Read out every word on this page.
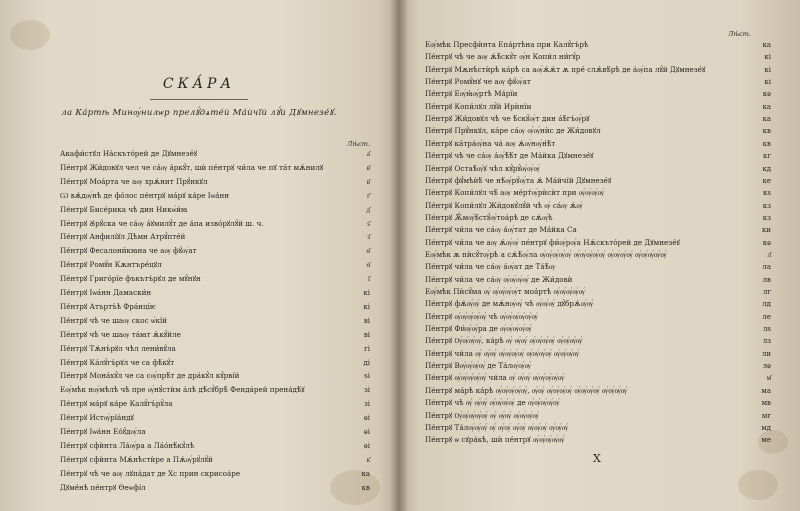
СКА́РА
ла Ка́ртѣ Минѹ́нилѡр прелꙋ́дѧте́й Ма́йчїй лꙋ́й Дꙋмнезе́ꙋ.
Лѣ́ст.
Акафи́стꙋл На́скъто́рей де Дꙋмнезе́ꙋ	а҃
Пе́нтрꙋ Жи́довꙋл чел че са́ѹ а́ркꙋ́т, шѝ пе́нтрꙋ чи́ла че пꙋ та́т мѫ́нилꙋ	в҃
Пе́нтрꙋ Моа́рта че аѹ хрѫ́нит Прꙋ́нкꙋл	в҃
Ѡ вѫ́дѹ́нѣ де фо́лос пе́нтрꙋ ма́рꙋ ка́ре Іѡа́нн	г҃
Пе́нтрꙋ Бисе́рика чѣ дин Никѡ́и́ꙗ	д҃
Пе́нтрꙋ Ꙋ́рꙋ́ска че са́ѹ а́ꙋмилꙋ́т де а́па изво́рꙋлꙋ́й ш. ч.	ѕ҃
Пе́нтрꙋ Анфилі́ꙋл Дѣмн Атрꙋ́пте́й	з҃
Пе́нтрꙋ Фесалони́кꙗна че аѹ фꙋ́ѹ́ат	ѳ҃
Пе́нтрꙋ Ромꙋ́н Кѫнтъре́цꙋл	ѳ҃
Пе́нтрꙋ Григо́рїе фъкътъ́рꙋл де мꙋ́нꙋн	і҃
Пе́нтрꙋ Іѡа́нн Дамаски́н	кі
Пе́нтрꙋ Атъртъ́ѣ Фра́нці́ѥ	кі
Пе́нтрꙋ чѣ че шаѹ скос ѡ́кїй	ві
Пе́нтрꙋ чѣ че шаѹ та́ꙗт ѫ́кꙋ́йле	ві
Пе́нтрꙋ Тѫ́нъ́рꙋл чѣл лени́вꙋ́ла	гі
Пе́нтрꙋ Ка́лꙋ́гъ́рꙋл че са фѣ́кꙋ́т	ді
Пе́нтрꙋ Мона́хꙋ́л че са сѹ́прѣ́т де дра́кꙋ́л кꙋ́рві́й	ѕі
Еѹ́мѣк нѹ́мѣлѣ чѣ пре ѹ́нꙋ́стѝм а́лѣ дѣ́сꙋ́брѣ́ Фенда́рей прена́дѣ́ꙋ	зі
Пе́нтрꙋ ма́рꙋ ка́ре Калꙋ́гъ́рꙋ́ла	зі
Пе́нтрꙋ Истѹ́рїа́ндꙋ	ѳі
Пе́нтрꙋ Іѡа́нн Ео́ꙋ́дѹ́ла	ѳі
Пе́нтрꙋ сфѝнта Ла́ѹ́ра а Ла́о́нѣ́кꙋ́лѣ	ѳі
Пе́нтрꙋ сфѝнта Мѫ́нѣстѝре а Пѫ́ѹ́рꙋ́лꙋ́й	к҃
Пе́нтрꙋ чѣ че аѹ лꙋпа́дат де Хс прин скрисоа́ре	ка
Дꙋме́нѣ пе́нтрꙋ Ѳеѡфі́л	кв
Лѣ́ст.
Еѹ́мѣк Пресфѝнта Епа́ртѣна при Калꙋ́гъ́рѣ	ка
Пе́нтрꙋ чѣ че аѹ ѫ́ѣ́скꙋ́т ѹ́н Копи́л ни́гꙋ́р	кі
Пе́нтрꙋ Мѫнѣстѝрѣ ка́рѣ са аѹ́ѫ́ѫ́т ѫ пре́ слѫ́вѣ́рѣ де а́ѹ́па лꙋ́й Дꙋмнезе́ꙋ	кі
Пе́нтрꙋ Ромꙋ́нꙋ че аѹ фꙋ́ѹ́ат	кі
Пе́нтрꙋ Еѹ́ꙗ́ѹ́ртѣ Ма́рїи	кѳ
Пе́нтрꙋ Копи́лꙋл лꙋ́й Ирѝнїи	ка
Пе́нтрꙋ Жи́довꙋл чѣ че ѣ́скꙋ́ѹ́т дин а́ѣ́гъ́ѹ́рꙋ	ка
Пе́нтрꙋ Прꙋ́нкꙋл, ка́ре са́ѹ ѹ́ѹ́нѝс де Жи́довꙋл	кв
Пе́нтрꙋ ка́тра́ѹ́на ча́ аѹ ѫ́ѹ́нѹ́н́ѣ́т	кв
Пе́нтрꙋ чѣ че са́ѹ а́ѹ́ѣ́ѣ́т де Ма́йка Дꙋмнезе́ꙋ	кг
Пе́нтрꙋ Остаѣ́ѹ́ꙋ чѣл кꙋ́рꙋ́ѹ́ѹ́ѹ́	кд
Пе́нтрꙋ фꙋ́мѣѝѣ́ че нѣ́ѹ́рꙋ́ѹ́та ѫ́ Ма́йчїй Дꙋмнезе́ꙋ	ке
Пе́нтрꙋ Копи́лꙋл чѣ́ аѹ ме́рт́ѹ́рѝсѝт при ѹ́ѹ́ѹ́ѹ́	кѕ
Пе́нтрꙋ Копи́лꙋл Жи́довꙋ́лꙋ́й чѣ ѹ́ са́ѹ ѫ́ѹ́	кз
Пе́нтрꙋ Ѫ́мѹ́ѣ́стꙋ́ѹ́тоа́рѣ де сѫ́ѹ́ѣ	кз
Пе́нтрꙋ чи́ла че са́ѹ а́ѹ́тат де Ма́йка Са	ки
Пе́нтрꙋ чи́ла че аѹ ѫ́ѹ́ѹ́ пе́нтрꙋ фи́ѹ́рѹ́а Нѫ́скъто́рей де Дꙋмнезе́ꙋ	кѳ
Еѹ́мѣк ѫ пѝсꙋ́тѹ́рѣ а сѫ́ѣ́ѹ́ла ѹ́ѹ́ѹ́ѹ́ѹ́ ѹ́ѹ́ѹ́ѹ́ѹ́ ѹ́ѹ́ѹ́ѹ́ ѹ́ѹ́ѹ́ѹ́ѹ́	л҃
Пе́нтрꙋ чи́ла че са́ѹ а́ѹ́ат де Та́ѣ́ѹ	ла
Пе́нтрꙋ чи́ла че са́ѹ ѹ́ѹ́ѹ́ѹ́ де Жи́довѝ	лв
Еѹ́мѣк Пѝсꙋ́ма ѹ́ ѹ́ѹ́ѹ́ѹ́т моа́ртѣ ѹ́ѹ́ѹ́ѹ́ѹ́	лг
Пе́нтрꙋ фѫ́ѹ́ѹ́ де мѫ́нѹ́ѹ́ чѣ ѹ́ѹ́ѹ́ дꙋ́брѫ́ѹ́ѹ́	лд
Пе́нтрꙋ ѹ́ѹ́ѹ́ѹ́ѹ́ чѣ ѹ́ѹ́ѹ́ѹ́ѹ́ѹ́	ле
Пе́нтрꙋ Фи́ѹ́ѹ́ра де ѹ́ѹ́ѹ́ѹ́ѹ́	лѕ
Пе́нтрꙋ Ѹ́ѹ́ѹ́ѹ́, ка́рѣ ѹ́ ѹ́ѹ́ ѹ́ѹ́ѹ́ѹ́ ѹ́ѹ́ѹ́ѹ́	лз
Пе́нтрꙋ чи́ла ѹ́ ѹ́ѹ́ ѹ́ѹ́ѹ́ѹ́ ѹ́ѹ́ѹ́ѹ́ ѹ́ѹ́ѹ́ѹ́	ли
Пе́нтрꙋ Вѹ́ѹ́ѹ́ѹ́ де Та́лѹ́ѹ́ѹ́	лѳ
Пе́нтрꙋ ѹ́ѹ́ѹ́ѹ́ѹ́ чи́ла ѹ́ ѹ́ѹ́ ѹ́ѹ́ѹ́ѹ́ѹ́	м҃
Пе́нтрꙋ ма́рѣ ка́рѣ ѹ́ѹ́ѹ́ѹ́ѹ́, ѹ́ѹ́ ѹ́ѹ́ѹ́ѹ́ ѹ́ѹ́ѹ́ѹ́ ѹ́ѹ́ѹ́ѹ́	ма
Пе́нтрꙋ чѣ ѹ́ ѹ́ѹ́ ѹ́ѹ́ѹ́ѹ́ де ѹ́ѹ́ѹ́ѹ́ѹ́	мв
Пе́нтрꙋ Ѹ́ѹ́ѹ́ѹ́ѹ́ ѹ́ ѹ́ѹ́ ѹ́ѹ́ѹ́ѹ́	мг
Пе́нтрꙋ Та́лѹ́ѹ́ѹ́ ѹ́ ѹ́ѹ́ ѹ́ѹ́ ѹ́ѹ́ѹ́ ѹ́ѹ́ѹ́	мд
Пе́нтрꙋ ѡ сꙋра́кѣ, шѝ пе́нтрꙋ ѹ́ѹ́ѹ́ѹ́ѹ́	ме
Х
